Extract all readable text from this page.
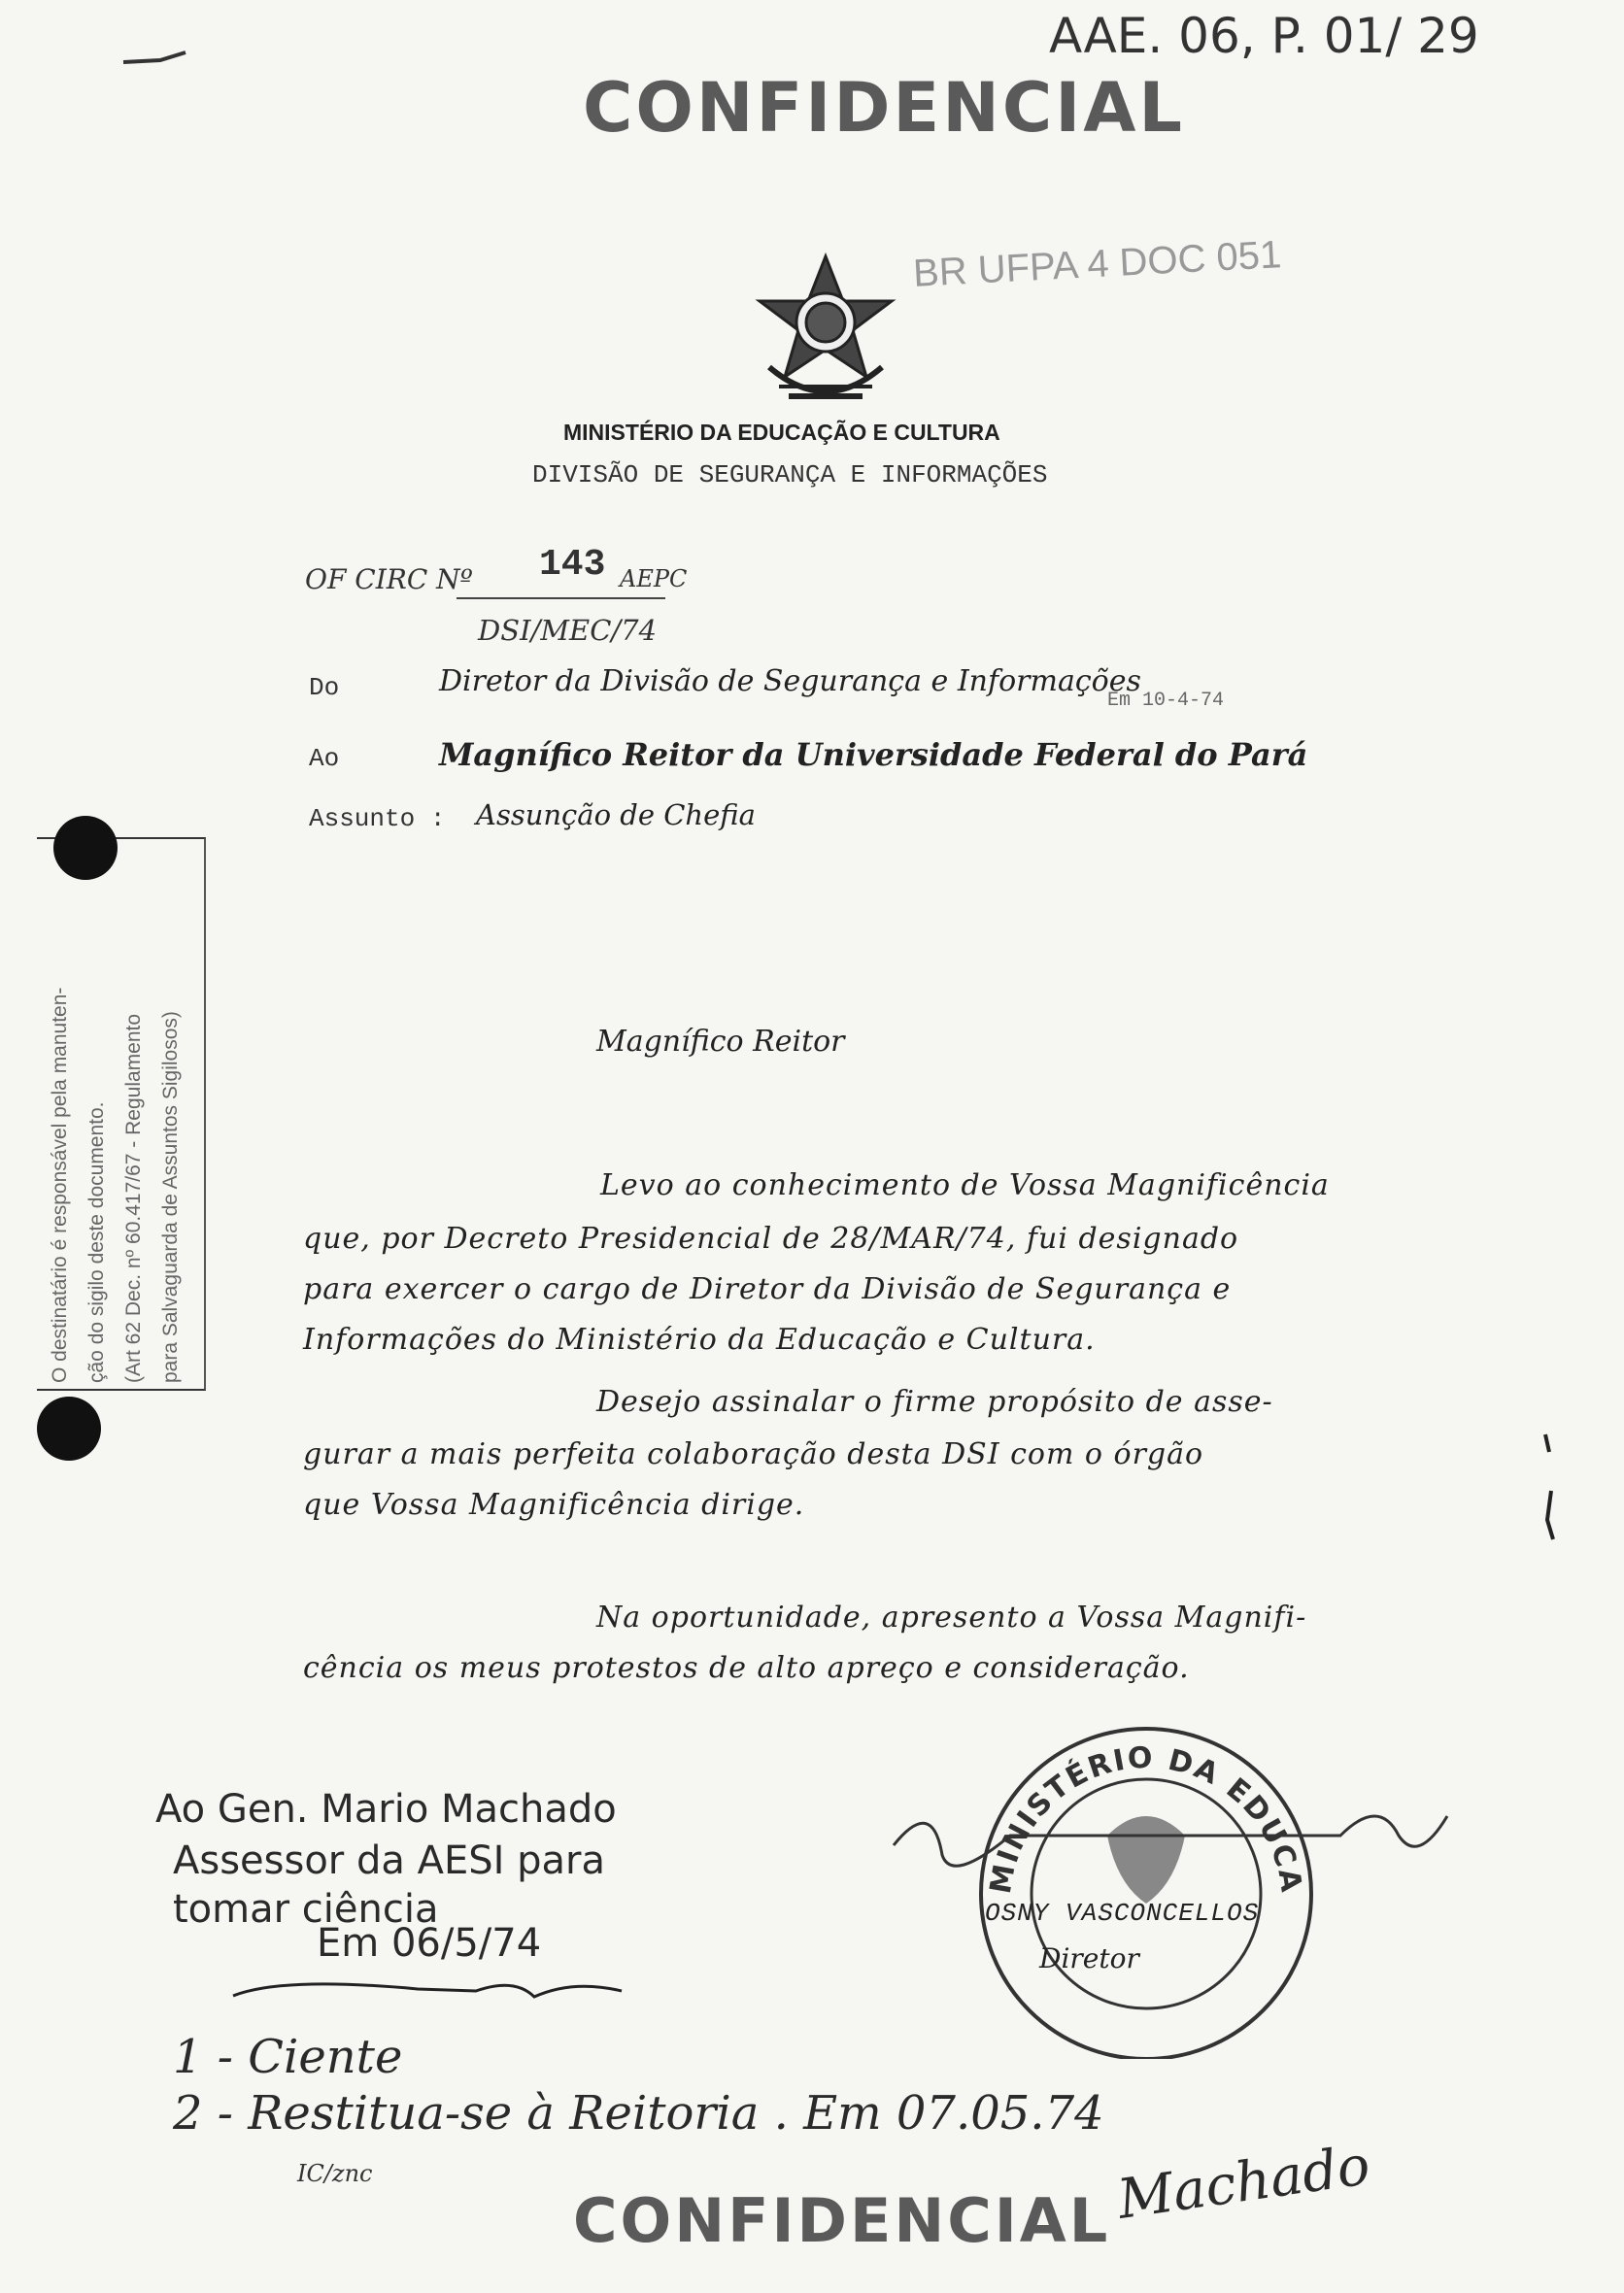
AAE. 06, P. 01/ 29
CONFIDENCIAL
BR UFPA 4 DOC 051
MINISTÉRIO DA EDUCAÇÃO E CULTURA
DIVISÃO DE SEGURANÇA E INFORMAÇÕES
OF CIRC Nº 143 AEPC
DSI/MEC/74
Do	Diretor da Divisão de Segurança e Informações
Em 10-4-74
Ao	Magnífico Reitor da Universidade Federal do Pará
Assunto : Assunção de Chefia
Magnífico Reitor
Levo ao conhecimento de Vossa Magnificência
que, por Decreto Presidencial de 28/MAR/74, fui designado
para exercer o cargo de Diretor da Divisão de Segurança e
Informações do Ministério da Educação e Cultura.
Desejo assinalar o firme propósito de asse-
gurar a mais perfeita colaboração desta DSI com o órgão
que Vossa Magnificência dirige.
Na oportunidade, apresento a Vossa Magnifi-
cência os meus protestos de alto apreço e consideração.
O destinatário é responsável pela manuten- ção do sigilo deste documento. (Art 62 Dec. nº 60.417/67 - Regulamento para Salvaguarda de Assuntos Sigilosos)
MINISTÉRIO DA EDUCA
OSNY VASCONCELLOS
Diretor
Ao Gen. Mario Machado
Assessor da AESI para
tomar ciência
Em 06/5/74
1 - Ciente
2 - Restitua-se à Reitoria . Em 07.05.74
IC/znc
CONFIDENCIAL Machado
